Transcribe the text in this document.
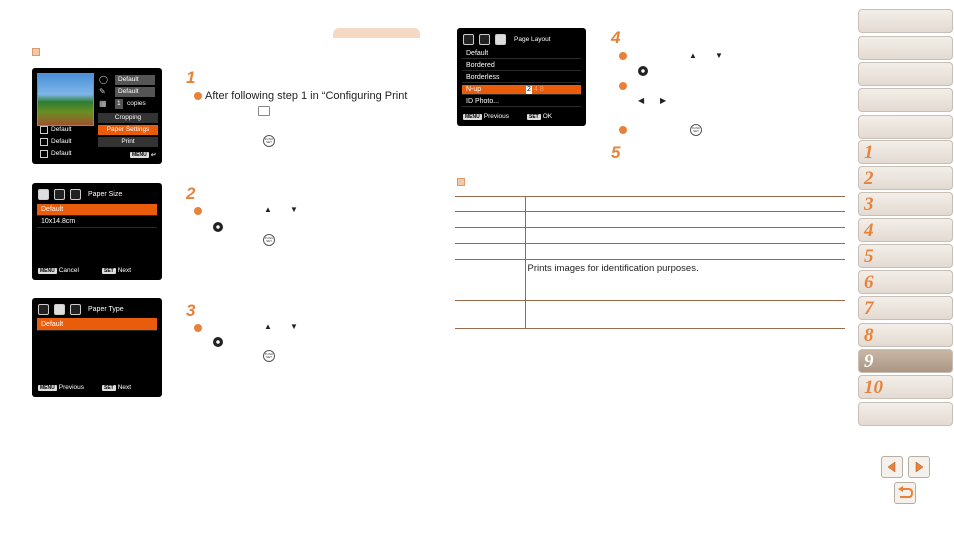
◯
✎
▦
Default
Default
1 copies
Cropping
Paper Settings
Print
Default
Default
Default	MENU ↵
1
After following step 1 in “Configuring Print
FUNC
SET
Paper Size
Default
10x14.8cm
MENU Cancel	SET Next
2
▲ ▼
FUNC
SET
Paper Type
Default
MENU Previous	SET Next
3
▲ ▼
FUNC
SET
Page Layout
Default
Bordered
Borderless
N-up	2 4 8
ID Photo...
MENU Previous	SET OK
4
▲ ▼
◀ ▶
FUNC
SET
5

	Prints images for identification purposes.

1
2
3
4
5
6
7
8
9
10
